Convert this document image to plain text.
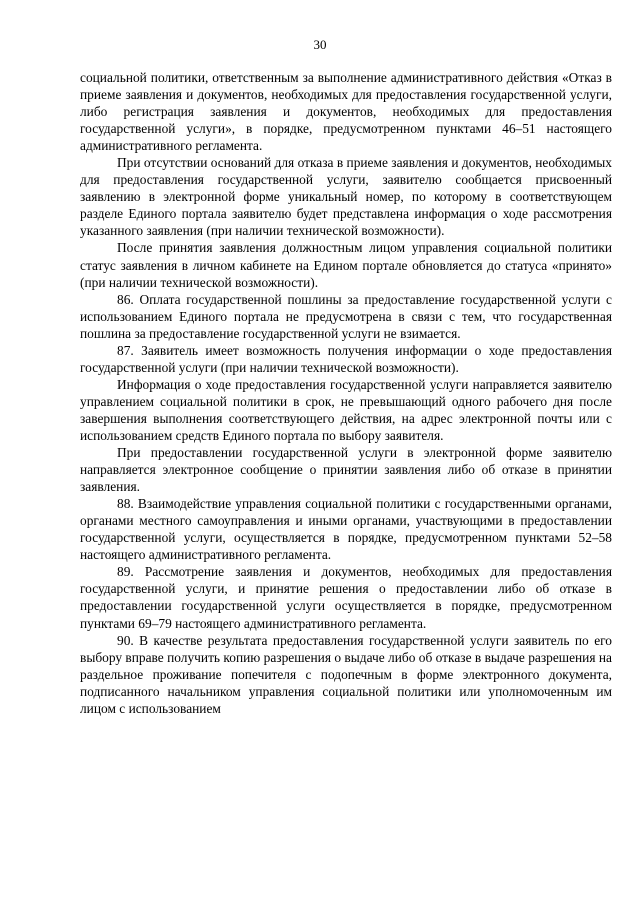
30

социальной политики, ответственным за выполнение административного действия «Отказ в приеме заявления и документов, необходимых для предоставления государственной услуги, либо регистрация заявления и документов, необходимых для предоставления государственной услуги», в порядке, предусмотренном пунктами 46–51 настоящего административного регламента.

При отсутствии оснований для отказа в приеме заявления и документов, необходимых для предоставления государственной услуги, заявителю сообщается присвоенный заявлению в электронной форме уникальный номер, по которому в соответствующем разделе Единого портала заявителю будет представлена информация о ходе рассмотрения указанного заявления (при наличии технической возможности).

После принятия заявления должностным лицом управления социальной политики статус заявления в личном кабинете на Едином портале обновляется до статуса «принято» (при наличии технической возможности).

86. Оплата государственной пошлины за предоставление государственной услуги с использованием Единого портала не предусмотрена в связи с тем, что государственная пошлина за предоставление государственной услуги не взимается.

87. Заявитель имеет возможность получения информации о ходе предоставления государственной услуги (при наличии технической возможности).

Информация о ходе предоставления государственной услуги направляется заявителю управлением социальной политики в срок, не превышающий одного рабочего дня после завершения выполнения соответствующего действия, на адрес электронной почты или с использованием средств Единого портала по выбору заявителя.

При предоставлении государственной услуги в электронной форме заявителю направляется электронное сообщение о принятии заявления либо об отказе в принятии заявления.

88. Взаимодействие управления социальной политики с государственными органами, органами местного самоуправления и иными органами, участвующими в предоставлении государственной услуги, осуществляется в порядке, предусмотренном пунктами 52–58 настоящего административного регламента.

89. Рассмотрение заявления и документов, необходимых для предоставления государственной услуги, и принятие решения о предоставлении либо об отказе в предоставлении государственной услуги осуществляется в порядке, предусмотренном пунктами 69–79 настоящего административного регламента.

90. В качестве результата предоставления государственной услуги заявитель по его выбору вправе получить копию разрешения о выдаче либо об отказе в выдаче разрешения на раздельное проживание попечителя с подопечным в форме электронного документа, подписанного начальником управления социальной политики или уполномоченным им лицом с использованием
